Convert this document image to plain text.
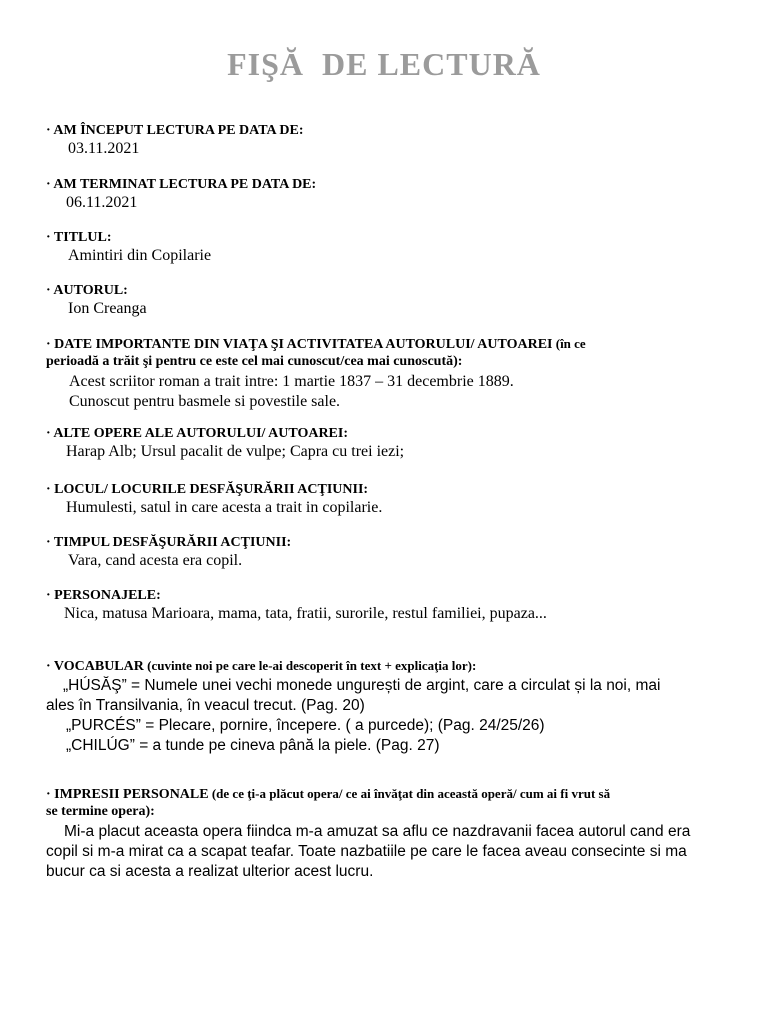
FIŞĂ  DE LECTURĂ
· AM ÎNCEPUT LECTURA PE DATA DE:
03.11.2021
· AM TERMINAT LECTURA PE DATA DE:
06.11.2021
· TITLUL:
Amintiri din Copilarie
· AUTORUL:
Ion Creanga
· DATE IMPORTANTE DIN VIAŢA ŞI ACTIVITATEA AUTORULUI/ AUTOAREI (în ce
perioadă a trăit şi pentru ce este cel mai cunoscut/cea mai cunoscută):
Acest scriitor roman a trait intre: 1 martie 1837 – 31 decembrie 1889.
Cunoscut pentru basmele si povestile sale.
· ALTE OPERE ALE AUTORULUI/ AUTOAREI:
Harap Alb; Ursul pacalit de vulpe; Capra cu trei iezi;
· LOCUL/ LOCURILE DESFĂŞURĂRII ACŢIUNII:
Humulesti, satul in care acesta a trait in copilarie.
· TIMPUL DESFĂŞURĂRII ACŢIUNII:
Vara, cand acesta era copil.
· PERSONAJELE:
Nica, matusa Marioara, mama, tata, fratii, surorile, restul familiei, pupaza...
· VOCABULAR (cuvinte noi pe care le-ai descoperit în text + explicaţia lor):
„HÚSĂŞ” = Numele unei vechi monede ungurești de argint, care a circulat și la noi, mai
ales în Transilvania, în veacul trecut. (Pag. 20)
„PURCÉS” = Plecare, pornire, începere. ( a purcede); (Pag. 24/25/26)
„CHILÚG” = a tunde pe cineva până la piele. (Pag. 27)
· IMPRESII PERSONALE (de ce ţi-a plăcut opera/ ce ai învăţat din această operă/ cum ai fi vrut să
se termine opera):
Mi-a placut aceasta opera fiindca m-a amuzat sa aflu ce nazdravanii facea autorul cand era
copil si m-a mirat ca a scapat teafar. Toate nazbatiile pe care le facea aveau consecinte si ma
bucur ca si acesta a realizat ulterior acest lucru.
